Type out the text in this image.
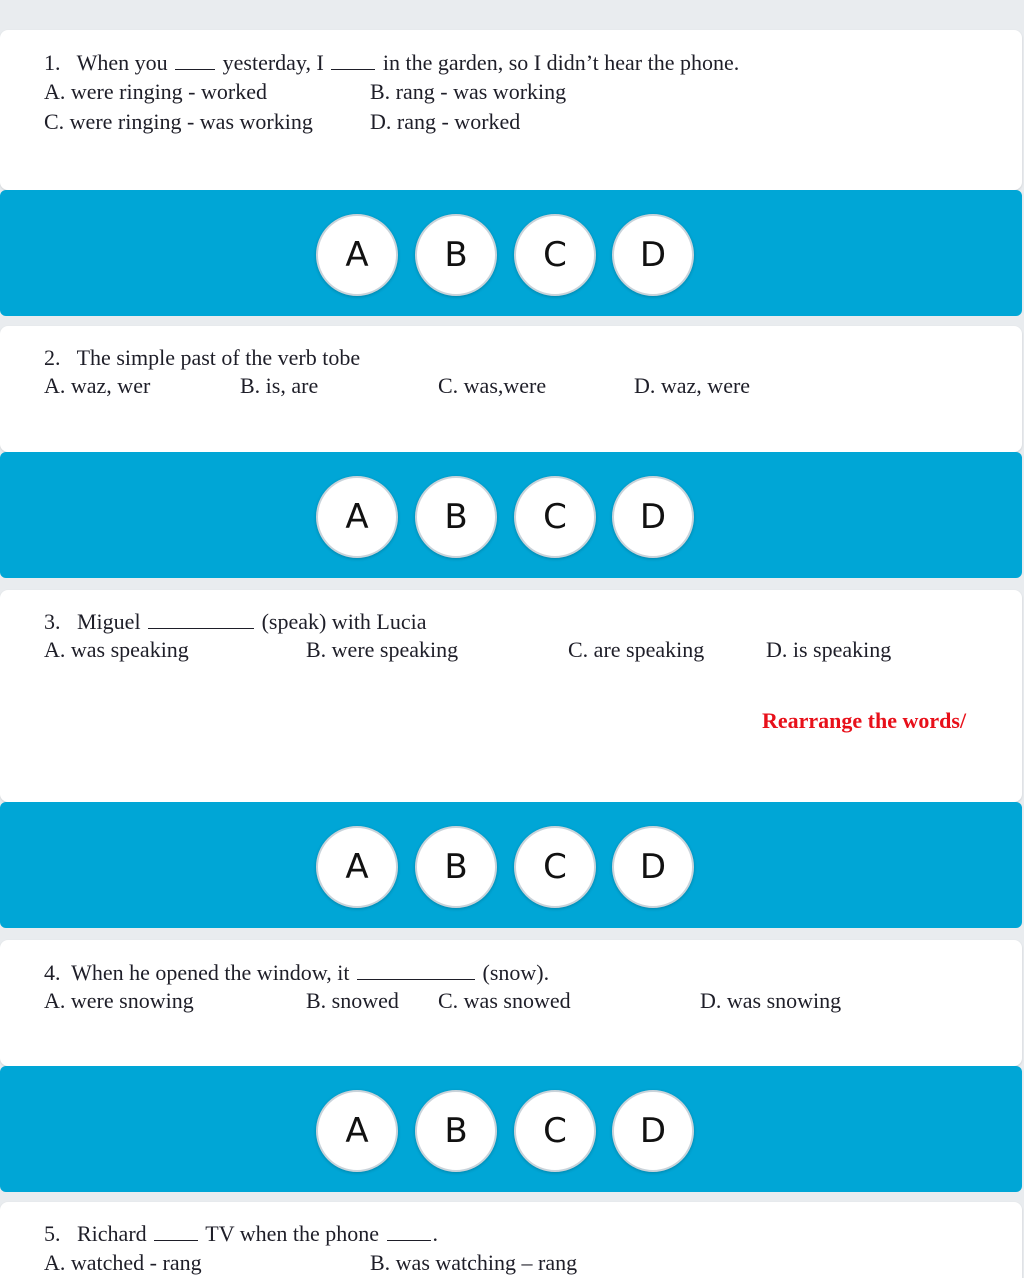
1. When you	yesterday, I	in the garden, so I didn’t hear the phone.
A. were ringing - worked	B. rang - was working
C. were ringing - was working	D. rang - worked
A	B	C	D
2. The simple past of the verb tobe
A. waz, wer	B. is, are	C. was,were	D. waz, were
A	B	C	D
3. Miguel	(speak) with Lucia
A. was speaking	B. were speaking	C. are speaking	D. is speaking
Rearrange the words/
A	B	C	D
4. When he opened the window, it	(snow).
A. were snowing	B. snowed C. was snowed	D. was snowing
A	B	C	D
5. Richard	TV when the phone .
A. watched - rang	B. was watching – rang
